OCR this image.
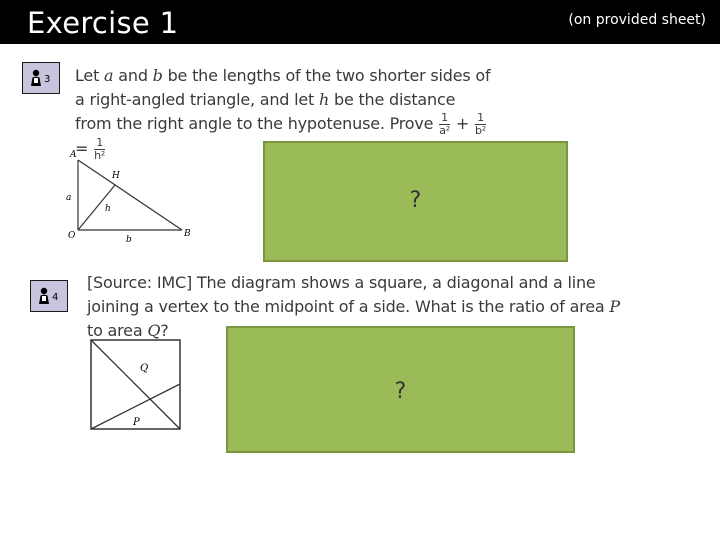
Exercise 1	(on provided sheet)
3 Let a and b be the lengths of the two shorter sides of a right-angled triangle, and let h be the distance from the right angle to the hypotenuse. Prove $\frac{1}{\text{a²}} + \frac{1}{\text{b²}}$
= $\frac{1}{\text{h²}}$
A
H
a
h
O	b
B
?
4
[Source: IMC] The diagram shows a square, a diagonal and a line joining a vertex to the midpoint of a side. What is the ratio of area P to area Q?
Q
P
?
